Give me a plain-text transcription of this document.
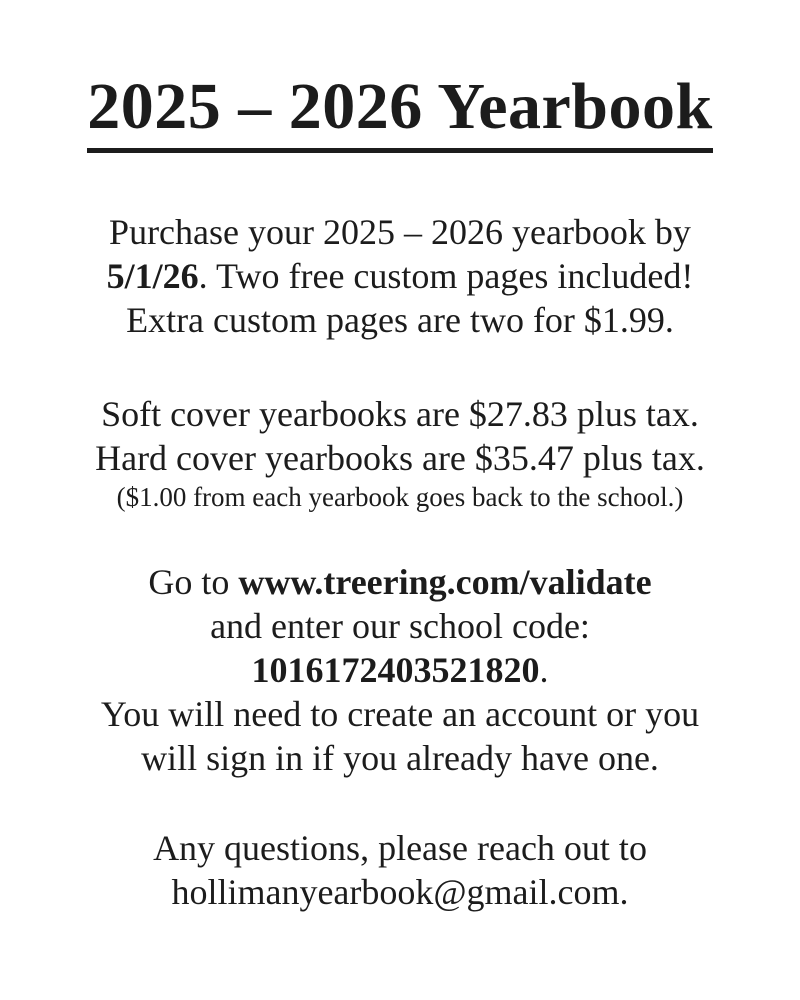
2025 – 2026 Yearbook
Purchase your 2025 – 2026 yearbook by
5/1/26. Two free custom pages included!
Extra custom pages are two for $1.99.
Soft cover yearbooks are $27.83 plus tax.
Hard cover yearbooks are $35.47 plus tax.
($1.00 from each yearbook goes back to the school.)
Go to www.treering.com/validate
and enter our school code:
1016172403521820.
You will need to create an account or you
will sign in if you already have one.
Any questions, please reach out to
hollimanyearbook@gmail.com.
